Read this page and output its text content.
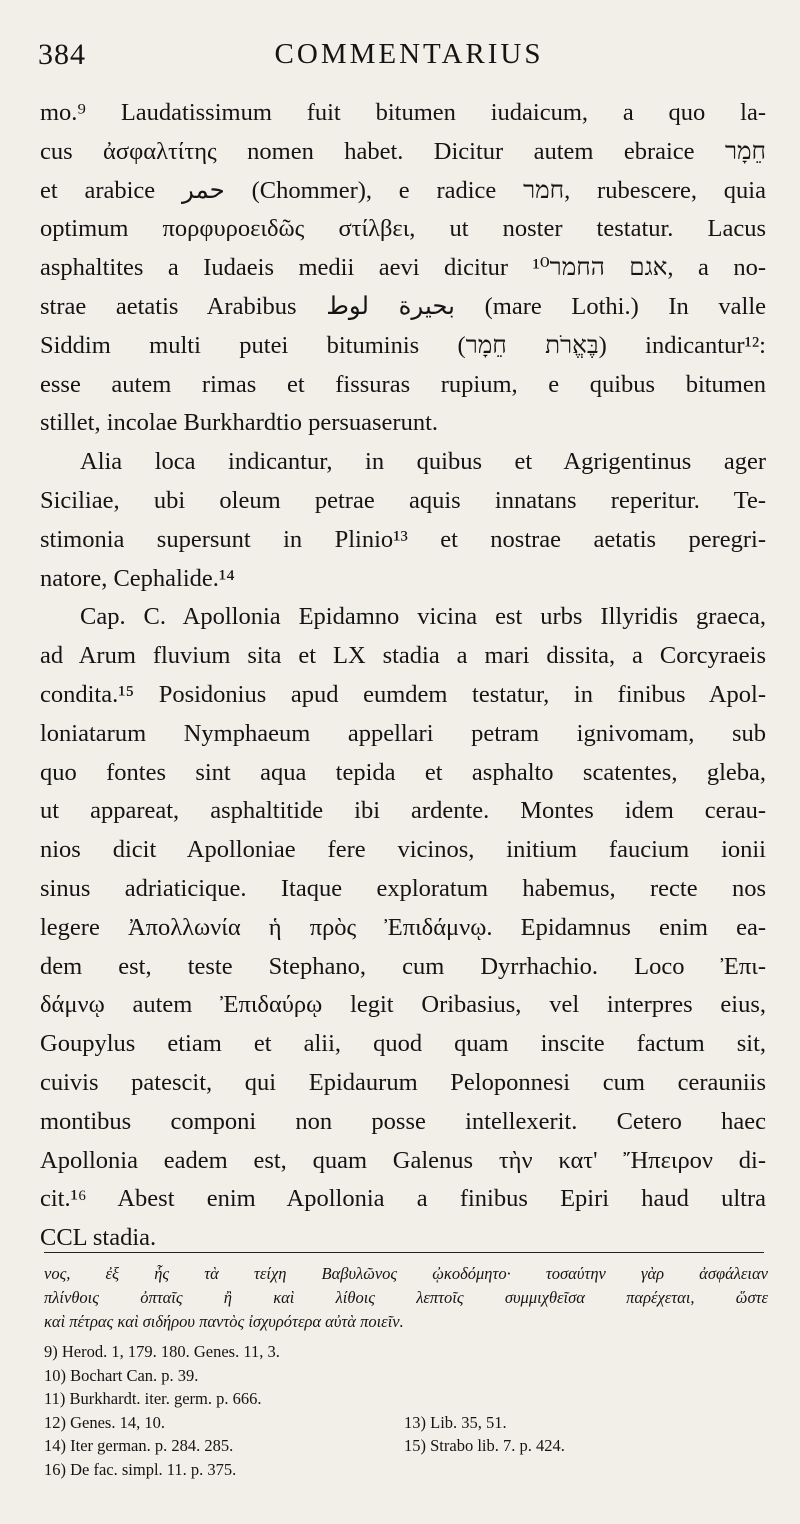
384	COMMENTARIUS
mo.⁹ Laudatissimum fuit bitumen iudaicum, a quo la-
cus ἀσφαλτίτης nomen habet. Dicitur autem ebraice חֵמָר
et arabice حمر (Chommer), e radice חמר, rubescere, quia
optimum πορφυροειδῶς στίλβει, ut noster testatur. Lacus
asphaltites a Iudaeis medii aevi dicitur אגם החמר¹⁰, a no-
strae aetatis Arabibus بحيرة لوط (mare Lothi.) In valle
Siddim multi putei bituminis (בֶּאֱרֹת חֵמָר) indicantur¹²:
esse autem rimas et fissuras rupium, e quibus bitumen
stillet, incolae Burkhardtio persuaserunt.
Alia loca indicantur, in quibus et Agrigentinus ager
Siciliae, ubi oleum petrae aquis innatans reperitur. Te-
stimonia supersunt in Plinio¹³ et nostrae aetatis peregri-
natore, Cephalide.¹⁴
Cap. C. Apollonia Epidamno vicina est urbs Illyridis graeca,
ad Arum fluvium sita et LX stadia a mari dissita, a Corcyraeis
condita.¹⁵ Posidonius apud eumdem testatur, in finibus Apol-
loniatarum Nymphaeum appellari petram ignivomam, sub
quo fontes sint aqua tepida et asphalto scatentes, gleba,
ut appareat, asphaltitide ibi ardente. Montes idem cerau-
nios dicit Apolloniae fere vicinos, initium faucium ionii
sinus adriaticique. Itaque exploratum habemus, recte nos
legere Ἀπολλωνία ἡ πρὸς Ἐπιδάμνῳ. Epidamnus enim ea-
dem est, teste Stephano, cum Dyrrhachio. Loco Ἐπι-
δάμνῳ autem Ἐπιδαύρῳ legit Oribasius, vel interpres eius,
Goupylus etiam et alii, quod quam inscite factum sit,
cuivis patescit, qui Epidaurum Peloponnesi cum cerauniis
montibus componi non posse intellexerit. Cetero haec
Apollonia eadem est, quam Galenus τὴν κατ' Ἤπειρον di-
cit.¹⁶ Abest enim Apollonia a finibus Epiri haud ultra
CCL stadia.
νος, ἐξ ἧς τὰ τείχη Βαβυλῶνος ᾠκοδόμητο· τοσαύτην γὰρ ἀσφάλειαν
πλίνθοις ὀπταῖς ἢ καὶ λίθοις λεπτοῖς συμμιχθεῖσα παρέχεται, ὥστε
καὶ πέτρας καὶ σιδήρου παντὸς ἰσχυρότερα αὐτὰ ποιεῖν.
9) Herod. 1, 179. 180. Genes. 11, 3.
10) Bochart Can. p. 39.
11) Burkhardt. iter. germ. p. 666.
12) Genes. 14, 10.	13) Lib. 35, 51.
14) Iter german. p. 284. 285.	15) Strabo lib. 7. p. 424.
16) De fac. simpl. 11. p. 375.
